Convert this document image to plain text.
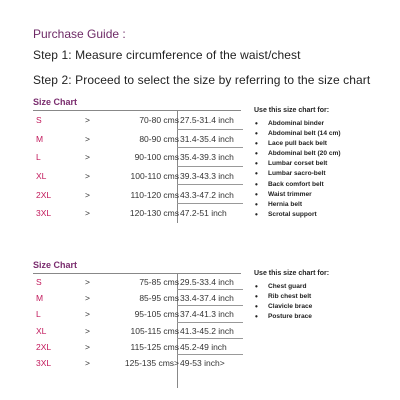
Purchase Guide :
Step 1: Measure circumference of the waist/chest
Step 2: Proceed to select the size by referring to the size chart
Size Chart
S	>	70-80 cms 27.5-31.4 inch
M	>	80-90 cms 31.4-35.4 inch
L	>	90-100 cms 35.4-39.3 inch
XL	>	100-110 cms 39.3-43.3 inch
2XL	>	110-120 cms 43.3-47.2 inch
3XL	>	120-130 cms 47.2-51 inch
Use this size chart for:
• Abdominal binder
• Abdominal belt (14 cm)
• Lace pull back belt
• Abdominal belt (20 cm)
• Lumbar corset belt
• Lumbar sacro-belt
• Back comfort belt
• Waist trimmer
• Hernia belt
• Scrotal support
Size Chart
S	>	75-85 cms 29.5-33.4 inch
M	>	85-95 cms 33.4-37.4 inch
L	>	95-105 cms 37.4-41.3 inch
XL	>	105-115 cms 41.3-45.2 inch
2XL	>	115-125 cms 45.2-49 inch
3XL	>	125-135 cms> 49-53 inch>
Use this size chart for:
• Chest guard
• Rib chest belt
• Clavicle brace
• Posture brace
